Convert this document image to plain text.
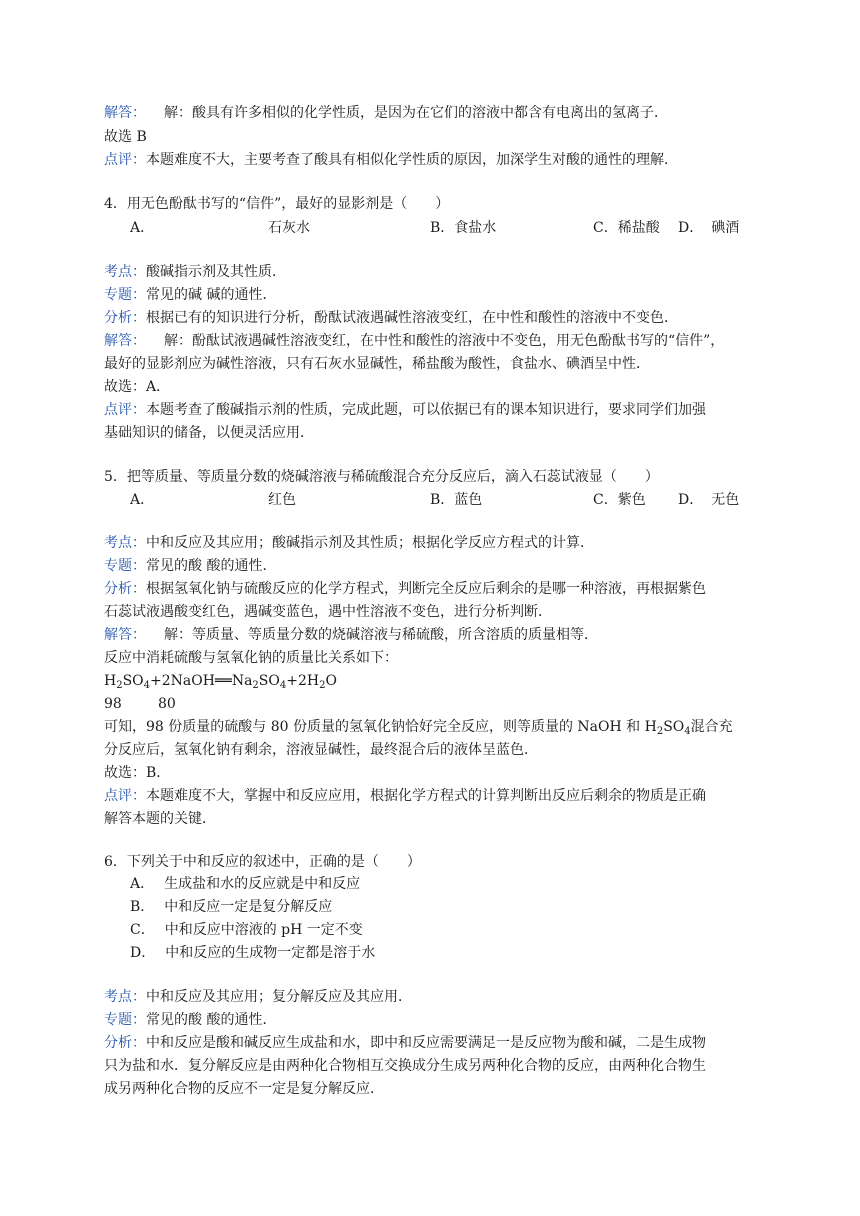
解答： 解：酸具有许多相似的化学性质，是因为在它们的溶液中都含有电离出的氢离子．
故选 B
点评：本题难度不大，主要考查了酸具有相似化学性质的原因，加深学生对酸的通性的理解．
4．用无色酚酞书写的“信件”，最好的显影剂是（　　）
A．	石灰水	B．食盐水	C．稀盐酸 D． 碘酒
考点：酸碱指示剂及其性质．
专题：常见的碱 碱的通性．
分析：根据已有的知识进行分析，酚酞试液遇碱性溶液变红，在中性和酸性的溶液中不变色．
解答： 解：酚酞试液遇碱性溶液变红，在中性和酸性的溶液中不变色，用无色酚酞书写的“信件”，
最好的显影剂应为碱性溶液，只有石灰水显碱性，稀盐酸为酸性，食盐水、碘酒呈中性．
故选：A．
点评：本题考查了酸碱指示剂的性质，完成此题，可以依据已有的课本知识进行，要求同学们加强
基础知识的储备，以便灵活应用．
5．把等质量、等质量分数的烧碱溶液与稀硫酸混合充分反应后，滴入石蕊试液显（　　）
A．	红色	B．蓝色	C．紫色 D． 无色
考点：中和反应及其应用；酸碱指示剂及其性质；根据化学反应方程式的计算．
专题：常见的酸 酸的通性．
分析：根据氢氧化钠与硫酸反应的化学方程式，判断完全反应后剩余的是哪一种溶液，再根据紫色
石蕊试液遇酸变红色，遇碱变蓝色，遇中性溶液不变色，进行分析判断．
解答： 解：等质量、等质量分数的烧碱溶液与稀硫酸，所含溶质的质量相等．
反应中消耗硫酸与氢氧化钠的质量比关系如下：
$H_2SO_4+2NaOH══Na_2SO_4+2H_2O$
98	80
可知，98 份质量的硫酸与 80 份质量的氢氧化钠恰好完全反应，则等质量的 NaOH 和 $H_2SO_4$混合充
分反应后，氢氧化钠有剩余，溶液显碱性，最终混合后的液体呈蓝色．
故选：B．
点评：本题难度不大，掌握中和反应应用，根据化学方程式的计算判断出反应后剩余的物质是正确
解答本题的关键．
6．下列关于中和反应的叙述中，正确的是（　　）
A． 生成盐和水的反应就是中和反应
B． 中和反应一定是复分解反应
C． 中和反应中溶液的 pH 一定不变
D． 中和反应的生成物一定都是溶于水
考点：中和反应及其应用；复分解反应及其应用．
专题：常见的酸 酸的通性．
分析：中和反应是酸和碱反应生成盐和水，即中和反应需要满足一是反应物为酸和碱，二是生成物
只为盐和水．复分解反应是由两种化合物相互交换成分生成另两种化合物的反应，由两种化合物生
成另两种化合物的反应不一定是复分解反应．
